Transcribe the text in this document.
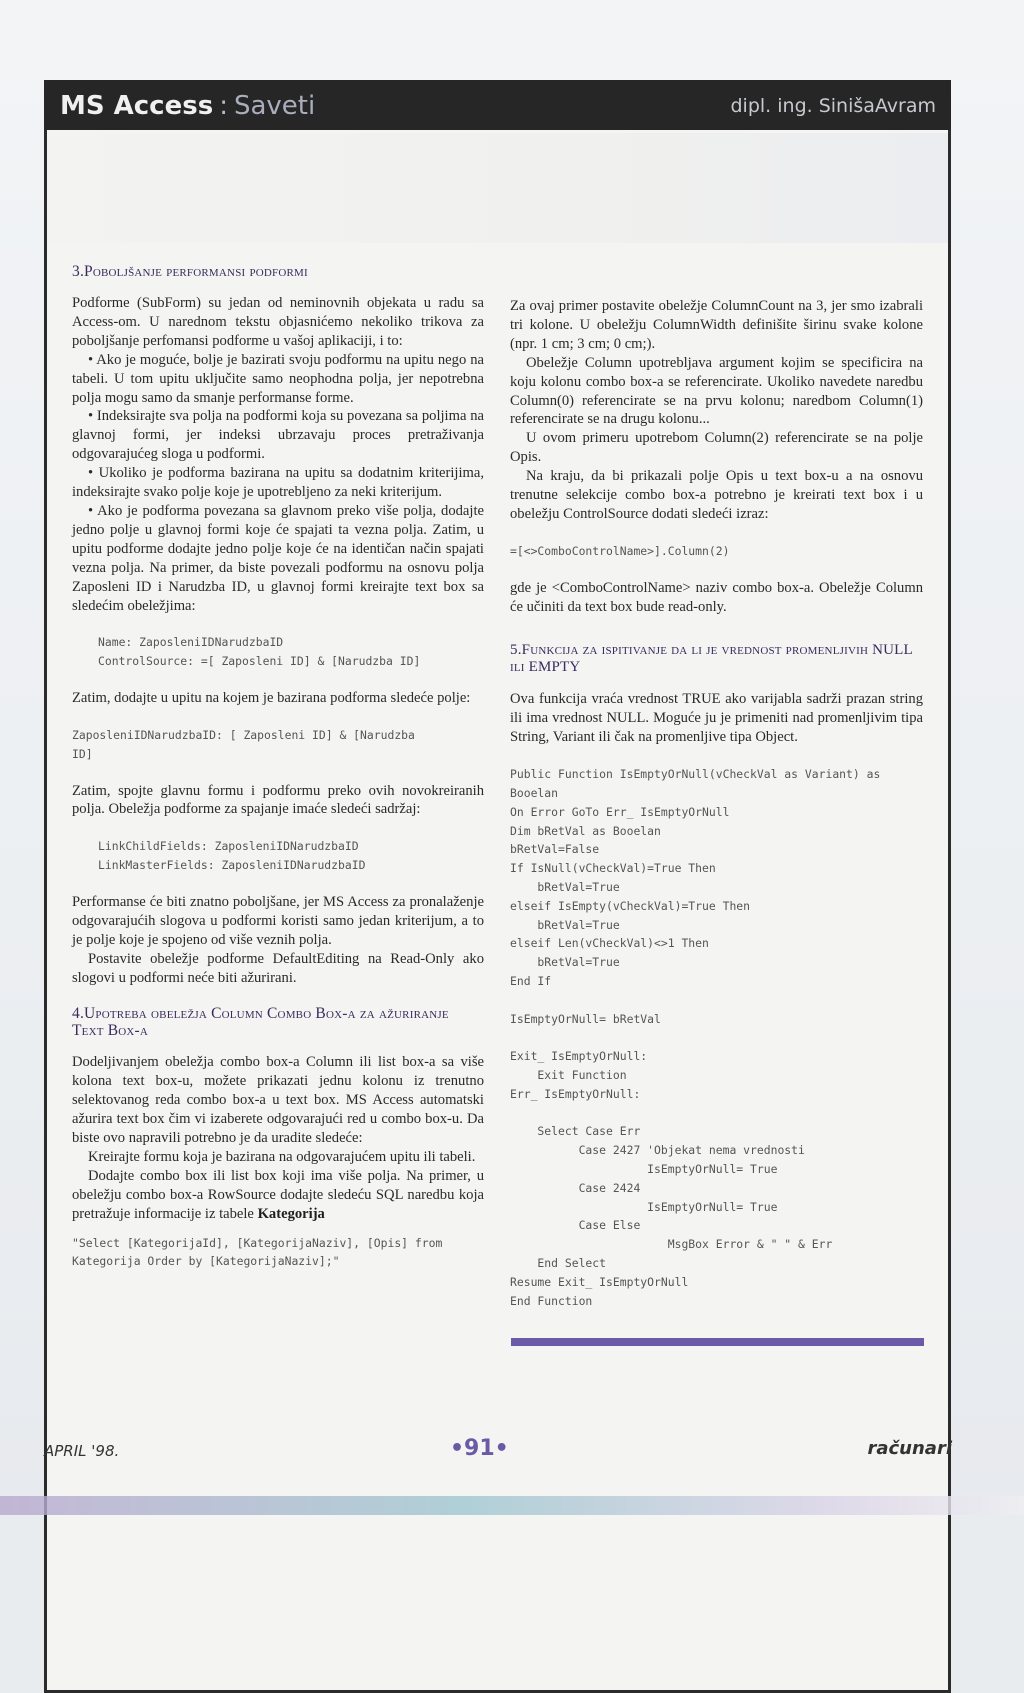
MS Access : Saveti	dipl. ing. SinišaAvram
3.Poboljšanje performansi podformi

Podforme (SubForm) su jedan od neminovnih objekata u radu sa Access-om. U narednom tekstu objasnićemo nekoliko trikova za poboljšanje perfomansi podforme u vašoj aplikaciji, i to:

• Ako je moguće, bolje je bazirati svoju podformu na upitu nego na tabeli. U tom upitu uključite samo neophodna polja, jer nepotrebna polja mogu samo da smanje performanse forme.

• Indeksirajte sva polja na podformi koja su povezana sa poljima na glavnoj formi, jer indeksi ubrzavaju proces pretraživanja odgovarajućeg sloga u podformi.

• Ukoliko je podforma bazirana na upitu sa dodatnim kriterijima, indeksirajte svako polje koje je upotrebljeno za neki kriterijum.

• Ako je podforma povezana sa glavnom preko više polja, dodajte jedno polje u glavnoj formi koje će spajati ta vezna polja. Zatim, u upitu podforme dodajte jedno polje koje će na identičan način spajati vezna polja. Na primer, da biste povezali podformu na osnovu polja Zaposleni ID i Narudzba ID, u glavnoj formi kreirajte text box sa sledećim obeležjima:

Name: ZaposleniIDNarudzbaID
ControlSource: =[ Zaposleni ID] & [Narudzba ID]

Zatim, dodajte u upitu na kojem je bazirana podforma sledeće polje:

ZaposleniIDNarudzbaID: [ Zaposleni ID] & [Narudzba
ID]

Zatim, spojte glavnu formu i podformu preko ovih novokreiranih polja. Obeležja podforme za spajanje imaće sledeći sadržaj:

LinkChildFields: ZaposleniIDNarudzbaID
LinkMasterFields: ZaposleniIDNarudzbaID

Performanse će biti znatno poboljšane, jer MS Access za pronalaženje odgovarajućih slogova u podformi koristi samo jedan kriterijum, a to je polje koje je spojeno od više veznih polja.

Postavite obeležje podforme DefaultEditing na Read-Only ako slogovi u podformi neće biti ažurirani.

4.Upotreba obeležja Column Combo Box-a za ažuriranje Text Box-a

Dodeljivanjem obeležja combo box-a Column ili list box-a sa više kolona text box-u, možete prikazati jednu kolonu iz trenutno selektovanog reda combo box-a u text box. MS Access automatski ažurira text box čim vi izaberete odgovarajući red u combo box-u. Da biste ovo napravili potrebno je da uradite sledeće:

Kreirajte formu koja je bazirana na odgovarajućem upitu ili tabeli.

Dodajte combo box ili list box koji ima više polja. Na primer, u obeležju combo box-a RowSource dodajte sledeću SQL naredbu koja pretražuje informacije iz tabele Kategorija

"Select [KategorijaId], [KategorijaNaziv], [Opis] from
Kategorija Order by [KategorijaNaziv];"

Za ovaj primer postavite obeležje ColumnCount na 3, jer smo izabrali tri kolone. U obeležju ColumnWidth definišite širinu svake kolone (npr. 1 cm; 3 cm; 0 cm;).

Obeležje Column upotrebljava argument kojim se specificira na koju kolonu combo box-a se referencirate. Ukoliko navedete naredbu Column(0) referencirate se na prvu kolonu; naredbom Column(1) referencirate se na drugu kolonu...

U ovom primeru upotrebom Column(2) referencirate se na polje Opis.

Na kraju, da bi prikazali polje Opis u text box-u a na osnovu trenutne selekcije combo box-a potrebno je kreirati text box i u obeležju ControlSource dodati sledeći izraz:

=[<>ComboControlName>].Column(2)

gde je <ComboControlName> naziv combo box-a. Obeležje Column će učiniti da text box bude read-only.

5.Funkcija za ispitivanje da li je vrednost promenljivih NULL ili EMPTY

Ova funkcija vraća vrednost TRUE ako varijabla sadrži prazan string ili ima vrednost NULL. Moguće ju je primeniti nad promenljivim tipa String, Variant ili čak na promenljive tipa Object.

Public Function IsEmptyOrNull(vCheckVal as Variant) as
Booelan
On Error GoTo Err_ IsEmptyOrNull
Dim bRetVal as Booelan
bRetVal=False
If IsNull(vCheckVal)=True Then
bRetVal=True
elseif IsEmpty(vCheckVal)=True Then
bRetVal=True
elseif Len(vCheckVal)<>1 Then
bRetVal=True
End If

IsEmptyOrNull= bRetVal

Exit_ IsEmptyOrNull:
Exit Function
Err_ IsEmptyOrNull:

Select Case Err
Case 2427 'Objekat nema vrednosti
IsEmptyOrNull= True
Case 2424
IsEmptyOrNull= True
Case Else
MsgBox Error & " " & Err
End Select
Resume Exit_ IsEmptyOrNull
End Function
APRIL '98.	•91•	računari
